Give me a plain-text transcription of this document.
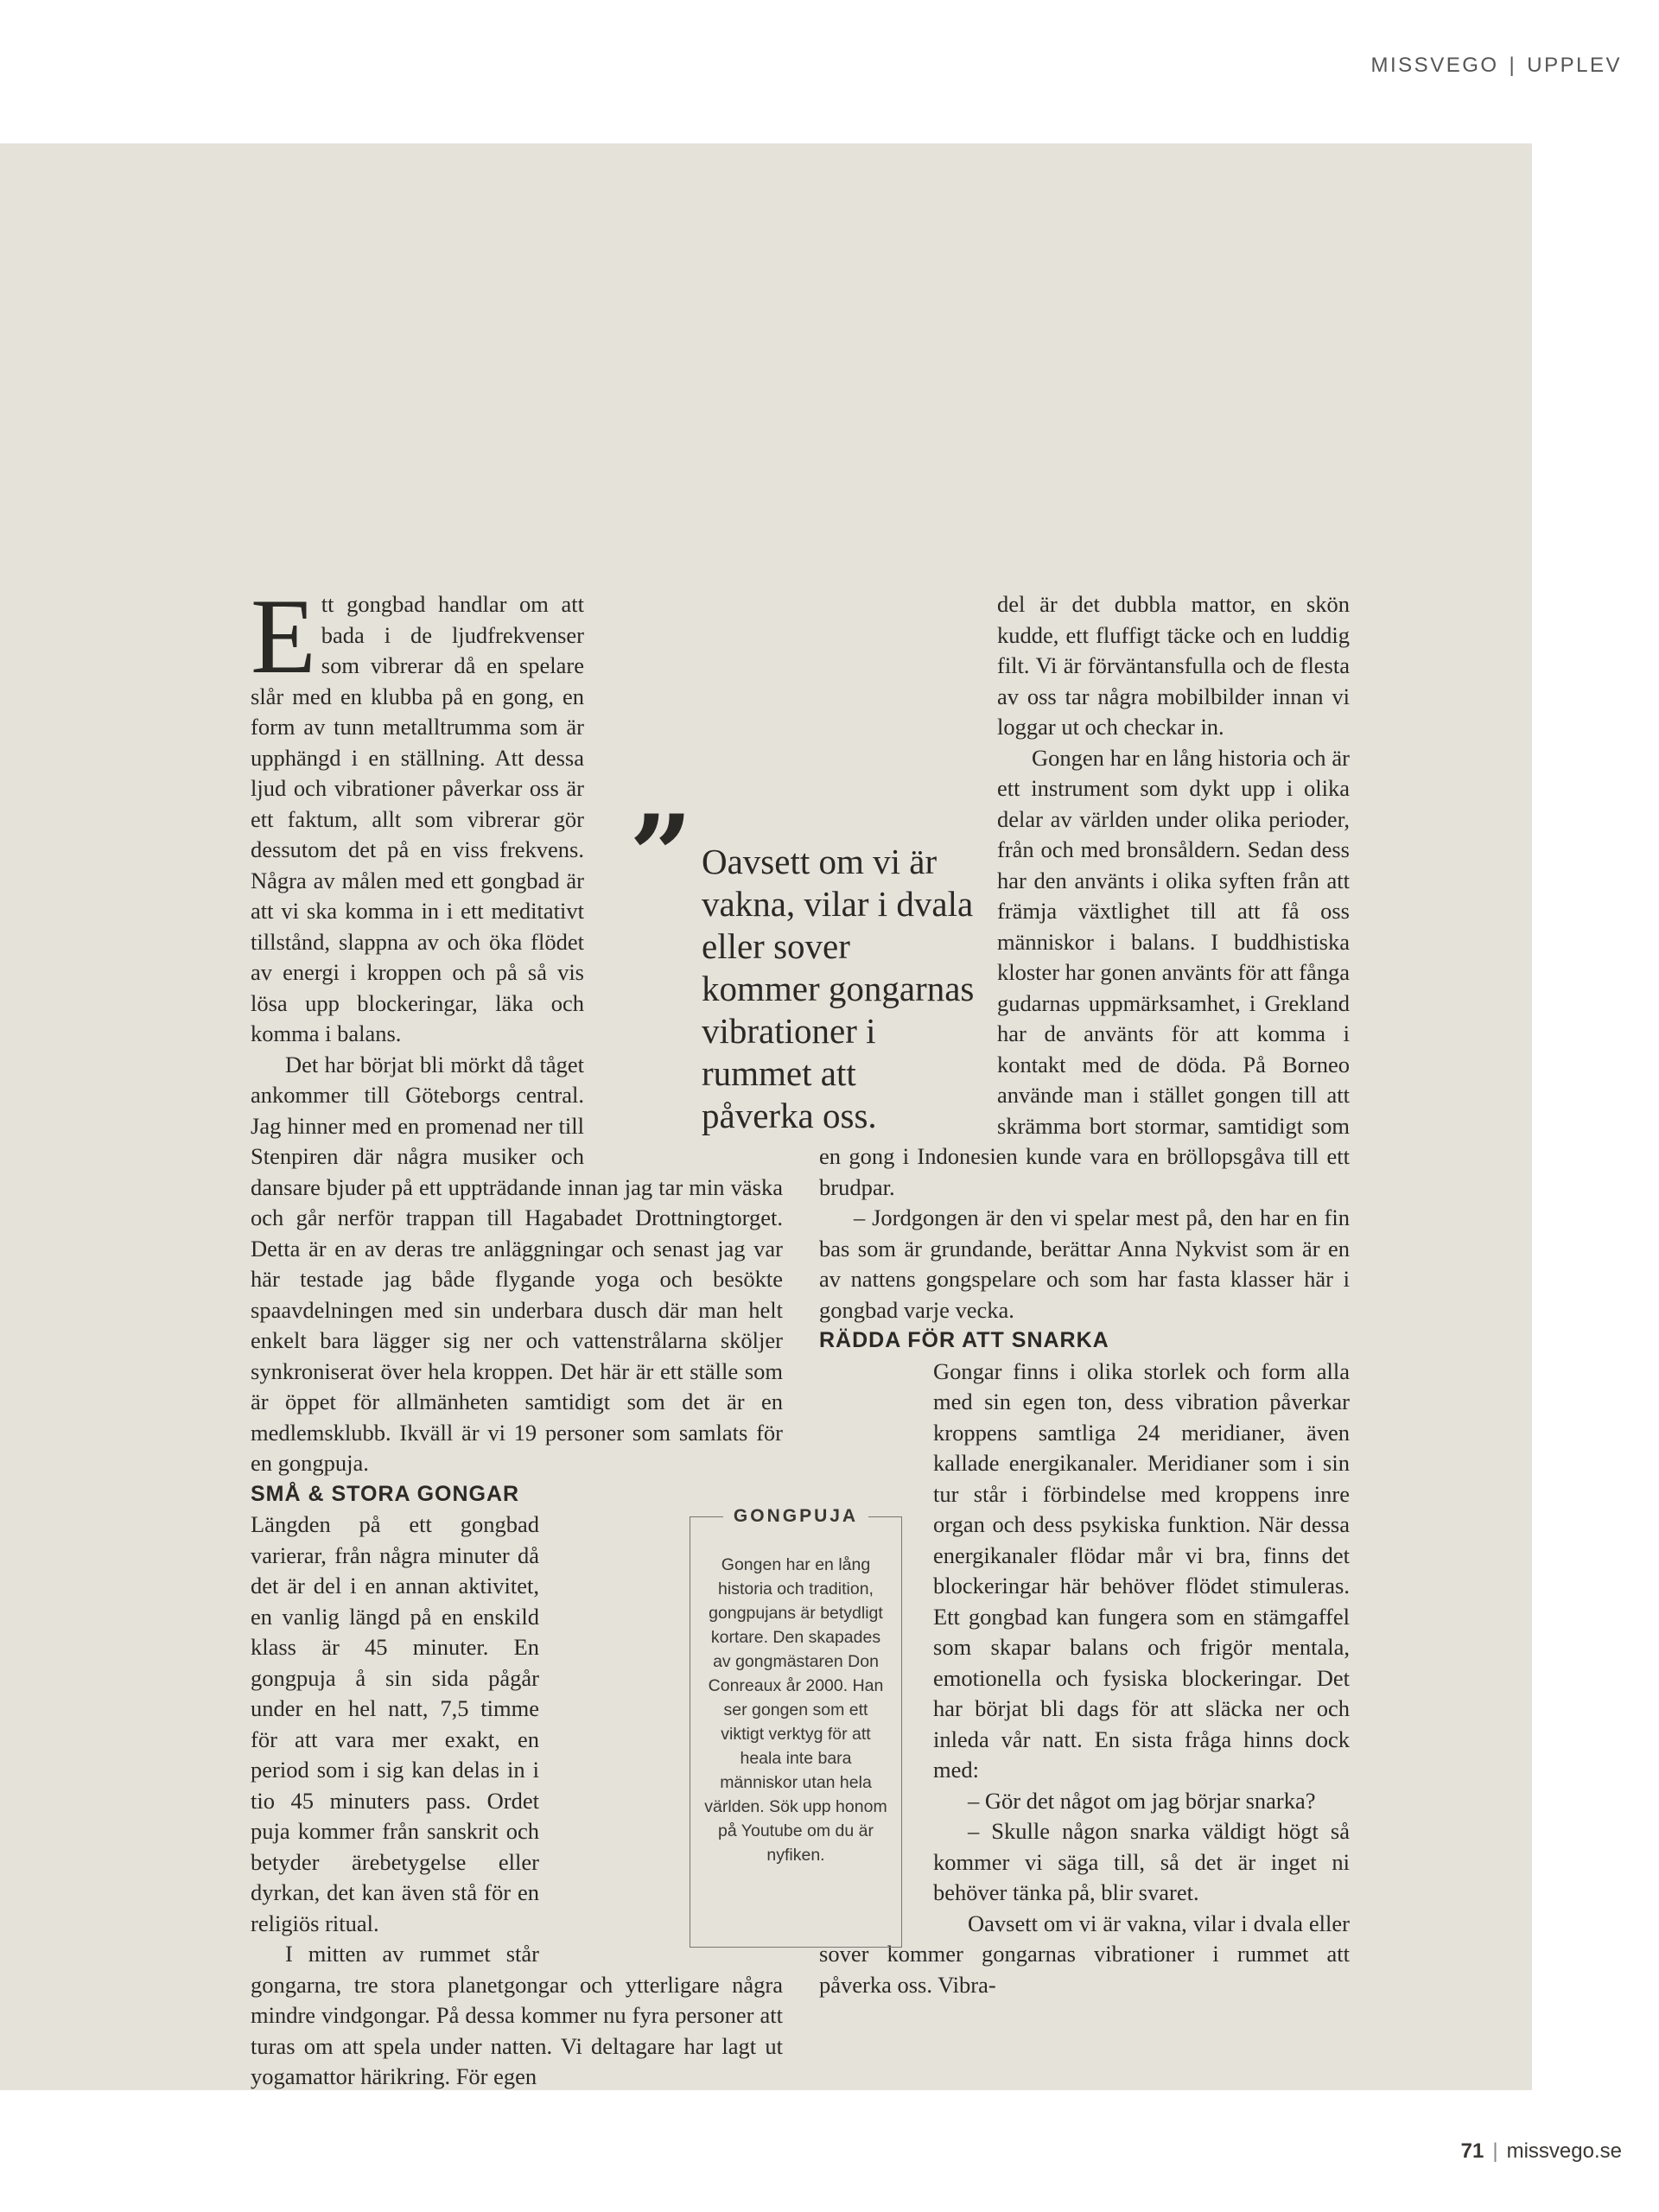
MISSVEGO | UPPLEV
E tt gongbad handlar om att bada i de ljudfrekvenser som vibrerar då en spelare slår med en klubba på en gong, en form av tunn metalltrumma som är upphängd i en ställning. Att dessa ljud och vibrationer påverkar oss är ett faktum, allt som vibrerar gör dessutom det på en viss frekvens. Några av målen med ett gongbad är att vi ska komma in i ett meditativt tillstånd, slappna av och öka flödet av energi i kroppen och på så vis lösa upp blockeringar, läka och komma i balans.

Det har börjat bli mörkt då tåget ankommer till Göteborgs central. Jag hinner med en promenad ner till Stenpiren där några musiker och dansare bjuder på ett uppträdande innan jag tar min väska och går nerför trappan till Hagabadet Drottningtorget. Detta är en av deras tre anläggningar och senast jag var här testade jag både flygande yoga och besökte spaavdelningen med sin underbara dusch där man helt enkelt bara lägger sig ner och vattenstrålarna sköljer synkroniserat över hela kroppen. Det här är ett ställe som är öppet för allmänheten samtidigt som det är en medlemsklubb. Ikväll är vi 19 personer som samlats för en gongpuja.

SMÅ & STORA GONGAR

Längden på ett gongbad varierar, från några minuter då det är del i en annan aktivitet, en vanlig längd på en enskild klass är 45 minuter. En gongpuja å sin sida pågår under en hel natt, 7,5 timme för att vara mer exakt, en period som i sig kan delas in i tio 45 minuters pass. Ordet puja kommer från sanskrit och betyder ärebetygelse eller dyrkan, det kan även stå för en religiös ritual.

I mitten av rummet står gongarna, tre stora planetgongar och ytterligare några mindre vindgongar. På dessa kommer nu fyra personer att turas om att spela under natten. Vi deltagare har lagt ut yogamattor härikring. För egen

del är det dubbla mattor, en skön kudde, ett fluffigt täcke och en luddig filt. Vi är förväntansfulla och de flesta av oss tar några mobilbilder innan vi loggar ut och checkar in.

Gongen har en lång historia och är ett instrument som dykt upp i olika delar av världen under olika perioder, från och med bronsåldern. Sedan dess har den använts i olika syften från att främja växtlighet till att få oss människor i balans. I buddhistiska kloster har gonen använts för att fånga gudarnas uppmärksamhet, i Grekland har de använts för att komma i kontakt med de döda. På Borneo använde man i stället gongen till att skrämma bort stormar, samtidigt som en gong i Indonesien kunde vara en bröllopsgåva till ett brudpar.

– Jordgongen är den vi spelar mest på, den har en fin bas som är grundande, berättar Anna Nykvist som är en av nattens gongspelare och som har fasta klasser här i gongbad varje vecka.

RÄDDA FÖR ATT SNARKA

Gongar finns i olika storlek och form alla med sin egen ton, dess vibration påverkar kroppens samtliga 24 meridianer, även kallade energikanaler. Meridianer som i sin tur står i förbindelse med kroppens inre organ och dess psykiska funktion. När dessa energikanaler flödar mår vi bra, finns det blockeringar här behöver flödet stimuleras. Ett gongbad kan fungera som en stämgaffel som skapar balans och frigör mentala, emotionella och fysiska blockeringar. Det har börjat bli dags för att släcka ner och inleda vår natt. En sista fråga hinns dock med:

– Gör det något om jag börjar snarka?

– Skulle någon snarka väldigt högt så kommer vi säga till, så det är inget ni behöver tänka på, blir svaret.

Oavsett om vi är vakna, vilar i dvala eller sover kommer gongarnas vibrationer i rummet att påverka oss. Vibra-

” Oavsett om vi är vakna, vilar i dvala eller sover kommer gongarnas vibrationer i rummet att påverka oss.
GONGPUJA
Gongen har en lång historia och tradition, gongpujans är betydligt kortare. Den skapades av gongmästaren Don Conreaux år 2000. Han ser gongen som ett viktigt verktyg för att heala inte bara människor utan hela världen. Sök upp honom på Youtube om du är nyfiken.
71 | missvego.se
